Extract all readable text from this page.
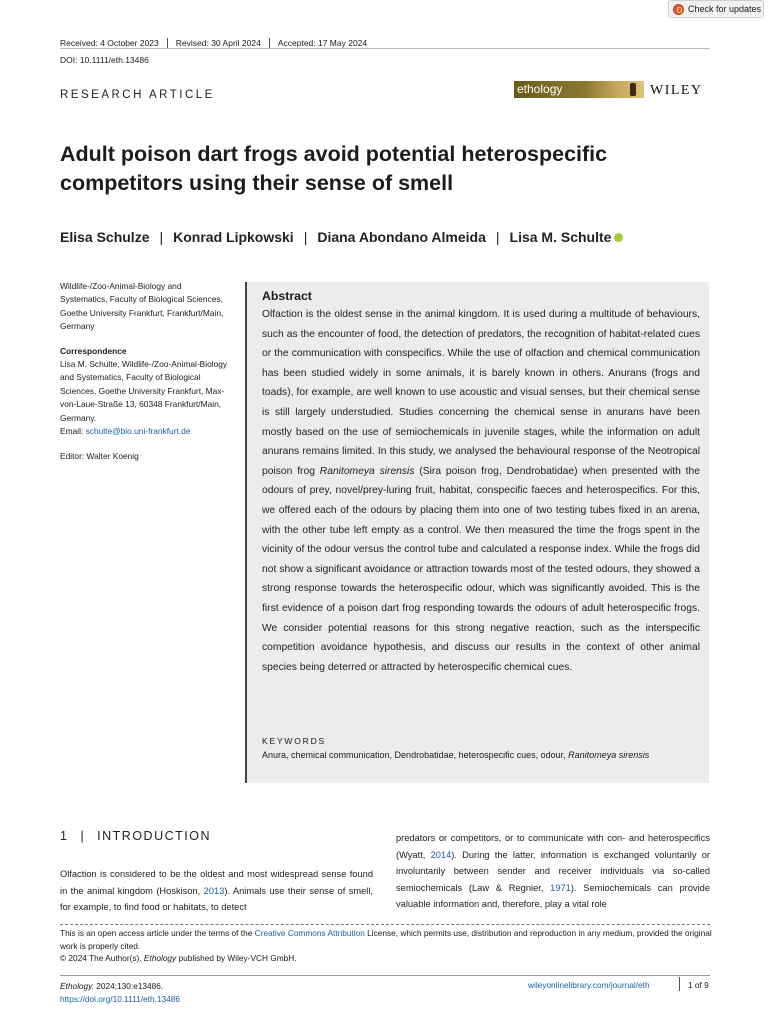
Check for updates
Received: 4 October 2023	Revised: 30 April 2024	Accepted: 17 May 2024
DOI: 10.1111/eth.13486
RESEARCH ARTICLE	ethology	WILEY
Adult poison dart frogs avoid potential heterospecific competitors using their sense of smell
Elisa Schulze | Konrad Lipkowski | Diana Abondano Almeida | Lisa M. Schulte
Wildlife-/Zoo-Animal-Biology and Systematics, Faculty of Biological Sciences, Goethe University Frankfurt, Frankfurt/Main, Germany
Correspondence
Lisa M. Schulte, Wildlife-/Zoo-Animal-Biology and Systematics, Faculty of Biological Sciences, Goethe University Frankfurt, Max-von-Laue-Straße 13, 60348 Frankfurt/Main, Germany.
Email: schulte@bio.uni-frankfurt.de
Editor: Walter Koenig
Abstract
Olfaction is the oldest sense in the animal kingdom. It is used during a multitude of behaviours, such as the encounter of food, the detection of predators, the recognition of habitat-related cues or the communication with conspecifics. While the use of olfaction and chemical communication has been studied widely in some animals, it is barely known in others. Anurans (frogs and toads), for example, are well known to use acoustic and visual senses, but their chemical sense is still largely understudied. Studies concerning the chemical sense in anurans have been mostly based on the use of semiochemicals in juvenile stages, while the information on adult anurans remains limited. In this study, we analysed the behavioural response of the Neotropical poison frog Ranitomeya sirensis (Sira poison frog, Dendrobatidae) when presented with the odours of prey, novel/prey-luring fruit, habitat, conspecific faeces and heterospecifics. For this, we offered each of the odours by placing them into one of two testing tubes fixed in an arena, with the other tube left empty as a control. We then measured the time the frogs spent in the vicinity of the odour versus the control tube and calculated a response index. While the frogs did not show a significant avoidance or attraction towards most of the tested odours, they showed a strong response towards the heterospecific odour, which was significantly avoided. This is the first evidence of a poison dart frog responding towards the odours of adult heterospecific frogs. We consider potential reasons for this strong negative reaction, such as the interspecific competition avoidance hypothesis, and discuss our results in the context of other animal species being deterred or attracted by heterospecific chemical cues.
KEYWORDS
Anura, chemical communication, Dendrobatidae, heterospecific cues, odour, Ranitomeya sirensis
1 | INTRODUCTION
Olfaction is considered to be the oldest and most widespread sense found in the animal kingdom (Hoskison, 2013). Animals use their sense of smell, for example, to find food or habitats, to detect
predators or competitors, or to communicate with con- and heterospecifics (Wyatt, 2014). During the latter, information is exchanged voluntarily or involuntarily between sender and receiver individuals via so-called semiochemicals (Law & Regnier, 1971). Semiochemicals can provide valuable information and, therefore, play a vital role
This is an open access article under the terms of the Creative Commons Attribution License, which permits use, distribution and reproduction in any medium, provided the original work is properly cited.
© 2024 The Author(s). Ethology published by Wiley-VCH GmbH.
Ethology. 2024;130:e13486.
https://doi.org/10.1111/eth.13486
wileyonlinelibrary.com/journal/eth	1 of 9
